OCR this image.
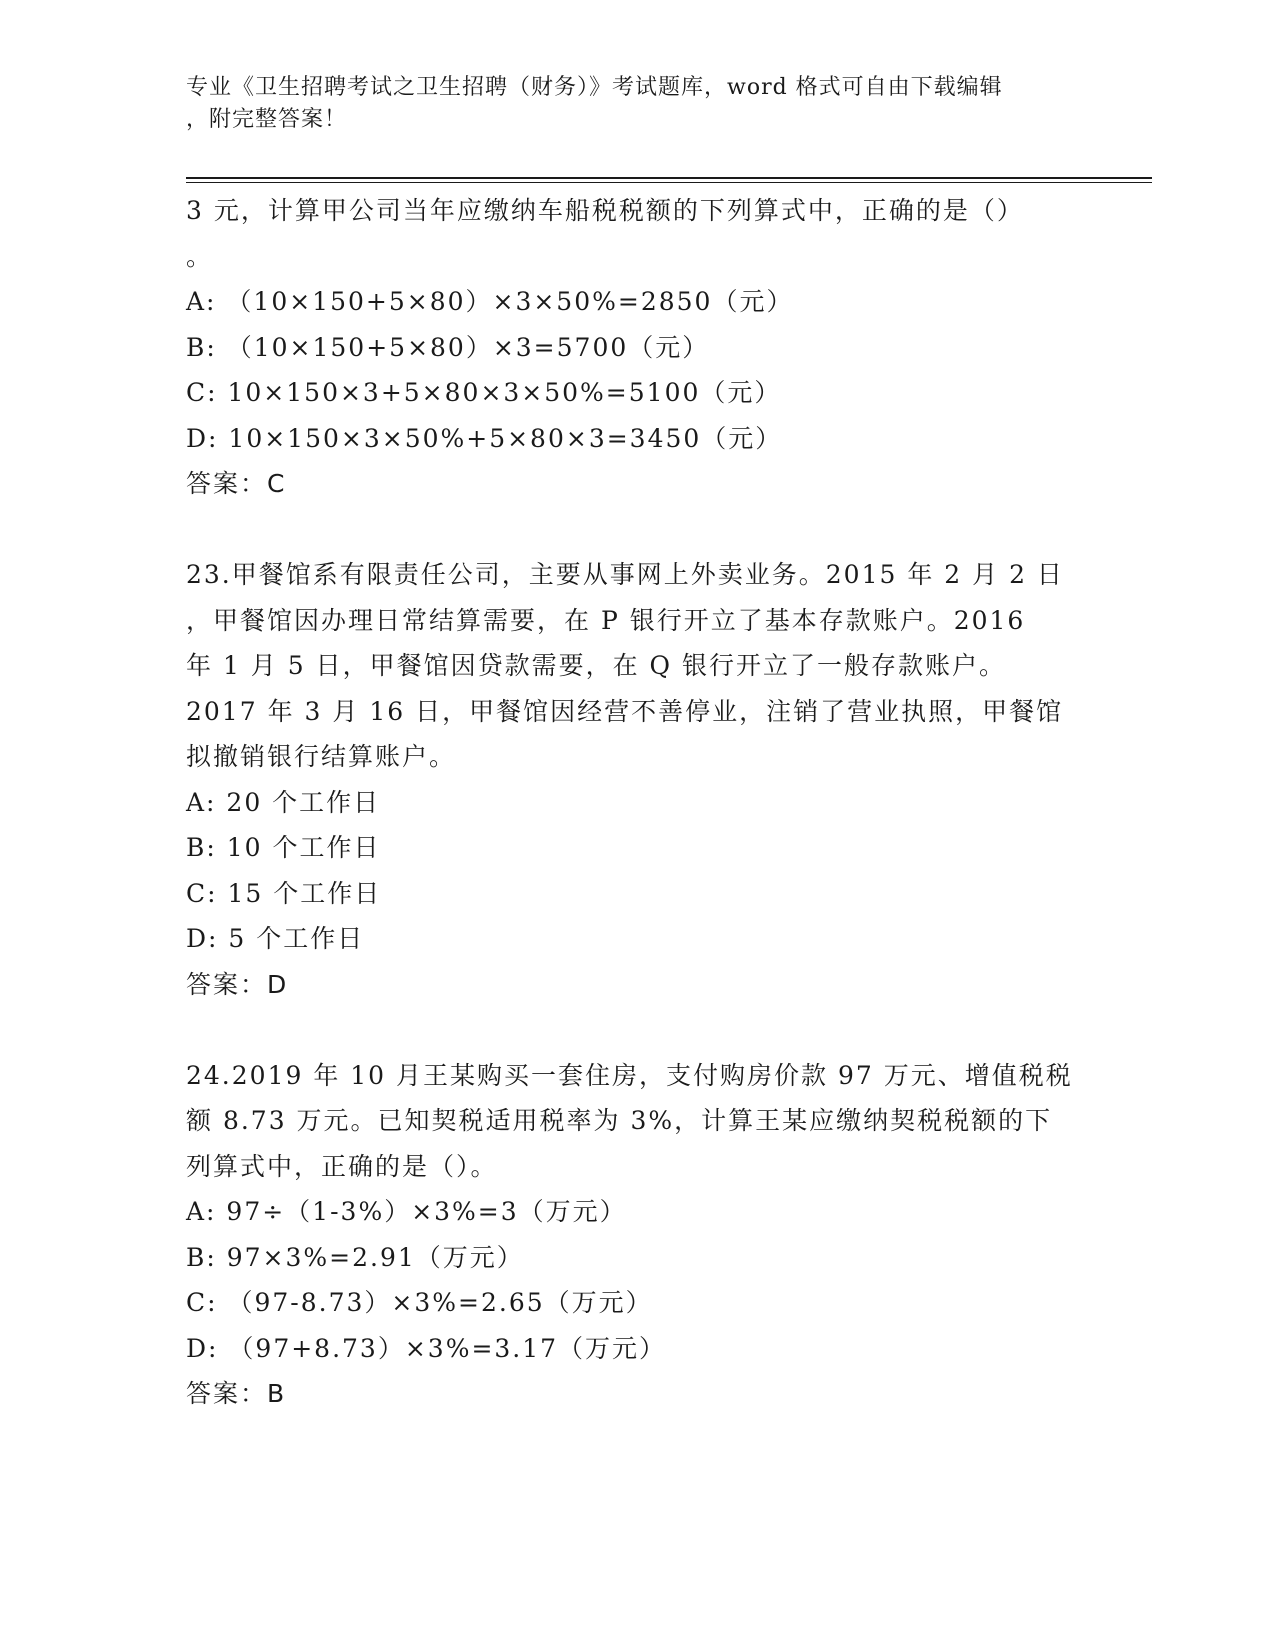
专业《卫生招聘考试之卫生招聘（财务）》考试题库，word 格式可自由下载编辑
，附完整答案！
3 元，计算甲公司当年应缴纳车船税税额的下列算式中，正确的是（）
。
A: （10×150+5×80）×3×50%=2850（元）
B: （10×150+5×80）×3=5700（元）
C: 10×150×3+5×80×3×50%=5100（元）
D: 10×150×3×50%+5×80×3=3450（元）
答案：C
23.甲餐馆系有限责任公司，主要从事网上外卖业务。2015 年 2 月 2 日
，甲餐馆因办理日常结算需要，在 P 银行开立了基本存款账户。2016
年 1 月 5 日，甲餐馆因贷款需要，在 Q 银行开立了一般存款账户。
2017 年 3 月 16 日，甲餐馆因经营不善停业，注销了营业执照，甲餐馆
拟撤销银行结算账户。
A: 20 个工作日
B: 10 个工作日
C: 15 个工作日
D: 5 个工作日
答案：D
24.2019 年 10 月王某购买一套住房，支付购房价款 97 万元、增值税税
额 8.73 万元。已知契税适用税率为 3%，计算王某应缴纳契税税额的下
列算式中，正确的是（）。
A: 97÷（1-3%）×3%=3（万元）
B: 97×3%=2.91（万元）
C: （97-8.73）×3%=2.65（万元）
D: （97+8.73）×3%=3.17（万元）
答案：B
